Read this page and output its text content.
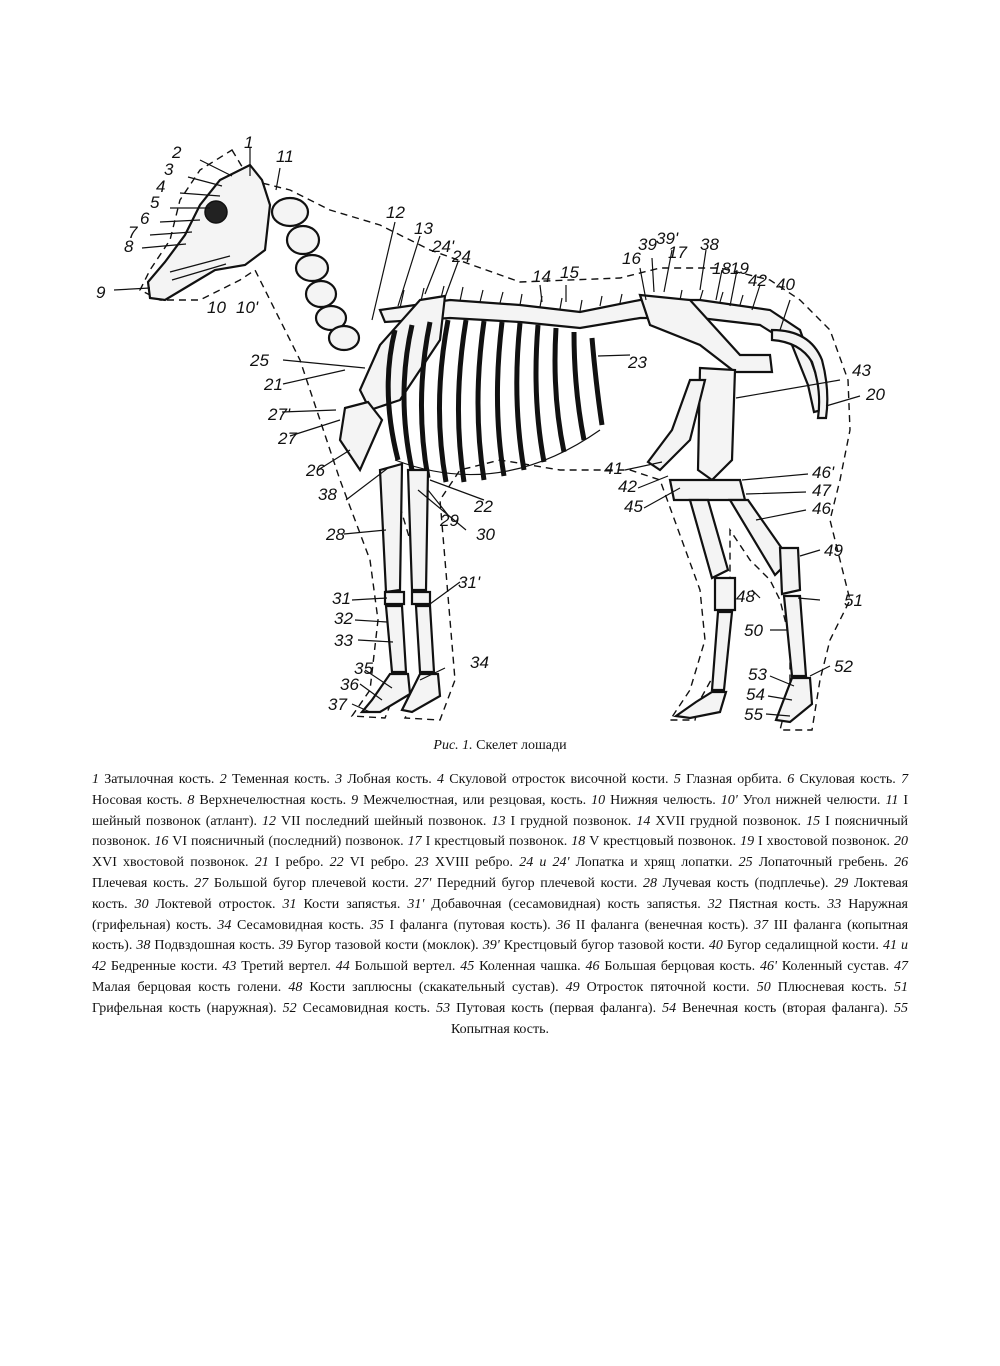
2
3
4
5
6
7
8
9
10 10'
1
11
12
13
24'
24
14 15
25
21
27'
27
26
38
28
29
22
30
31
32
33
35
36
37
31'
34
23
16
39 39'
17 38
18 19
42 40
43
20
41
42
45
46'
47
46
49
48	51
50
52
53
54
55
Рис. 1. Скелет лошади
1 Затылочная кость. 2 Теменная кость. 3 Лобная кость. 4 Скуловой отросток височной кости. 5 Глазная орбита. 6 Скуловая кость. 7 Носовая кость. 8 Верхнечелюстная кость. 9 Межчелюстная, или резцовая, кость. 10 Нижняя челюсть. 10' Угол нижней челюсти. 11 I шейный позвонок (атлант). 12 VII последний шейный позвонок. 13 I грудной позвонок. 14 XVII грудной позвонок. 15 I поясничный позвонок. 16 VI поясничный (последний) позвонок. 17 I крестцовый позвонок. 18 V крестцовый позвонок. 19 I хвостовой позвонок. 20 XVI хвостовой позвонок. 21 I ребро. 22 VI ребро. 23 XVIII ребро. 24 и 24' Лопатка и хрящ лопатки. 25 Лопаточный гребень. 26 Плечевая кость. 27 Большой бугор плечевой кости. 27' Передний бугор плечевой кости. 28 Лучевая кость (подплечье). 29 Локтевая кость. 30 Локтевой отросток. 31 Кости запястья. 31' Добавочная (сесамовидная) кость запястья. 32 Пястная кость. 33 Наружная (грифельная) кость. 34 Сесамовидная кость. 35 I фаланга (путовая кость). 36 II фаланга (венечная кость). 37 III фаланга (копытная кость). 38 Подвздошная кость. 39 Бугор тазовой кости (моклок). 39' Крестцовый бугор тазовой кости. 40 Бугор седалищной кости. 41 и 42 Бедренные кости. 43 Третий вертел. 44 Большой вертел. 45 Коленная чашка. 46 Большая берцовая кость. 46' Коленный сустав. 47 Малая берцовая кость голени. 48 Кости заплюсны (скакательный сустав). 49 Отросток пяточной кости. 50 Плюсневая кость. 51 Грифельная кость (наружная). 52 Сесамовидная кость. 53 Путовая кость (первая фаланга). 54 Венечная кость (вторая фаланга). 55 Копытная кость.
